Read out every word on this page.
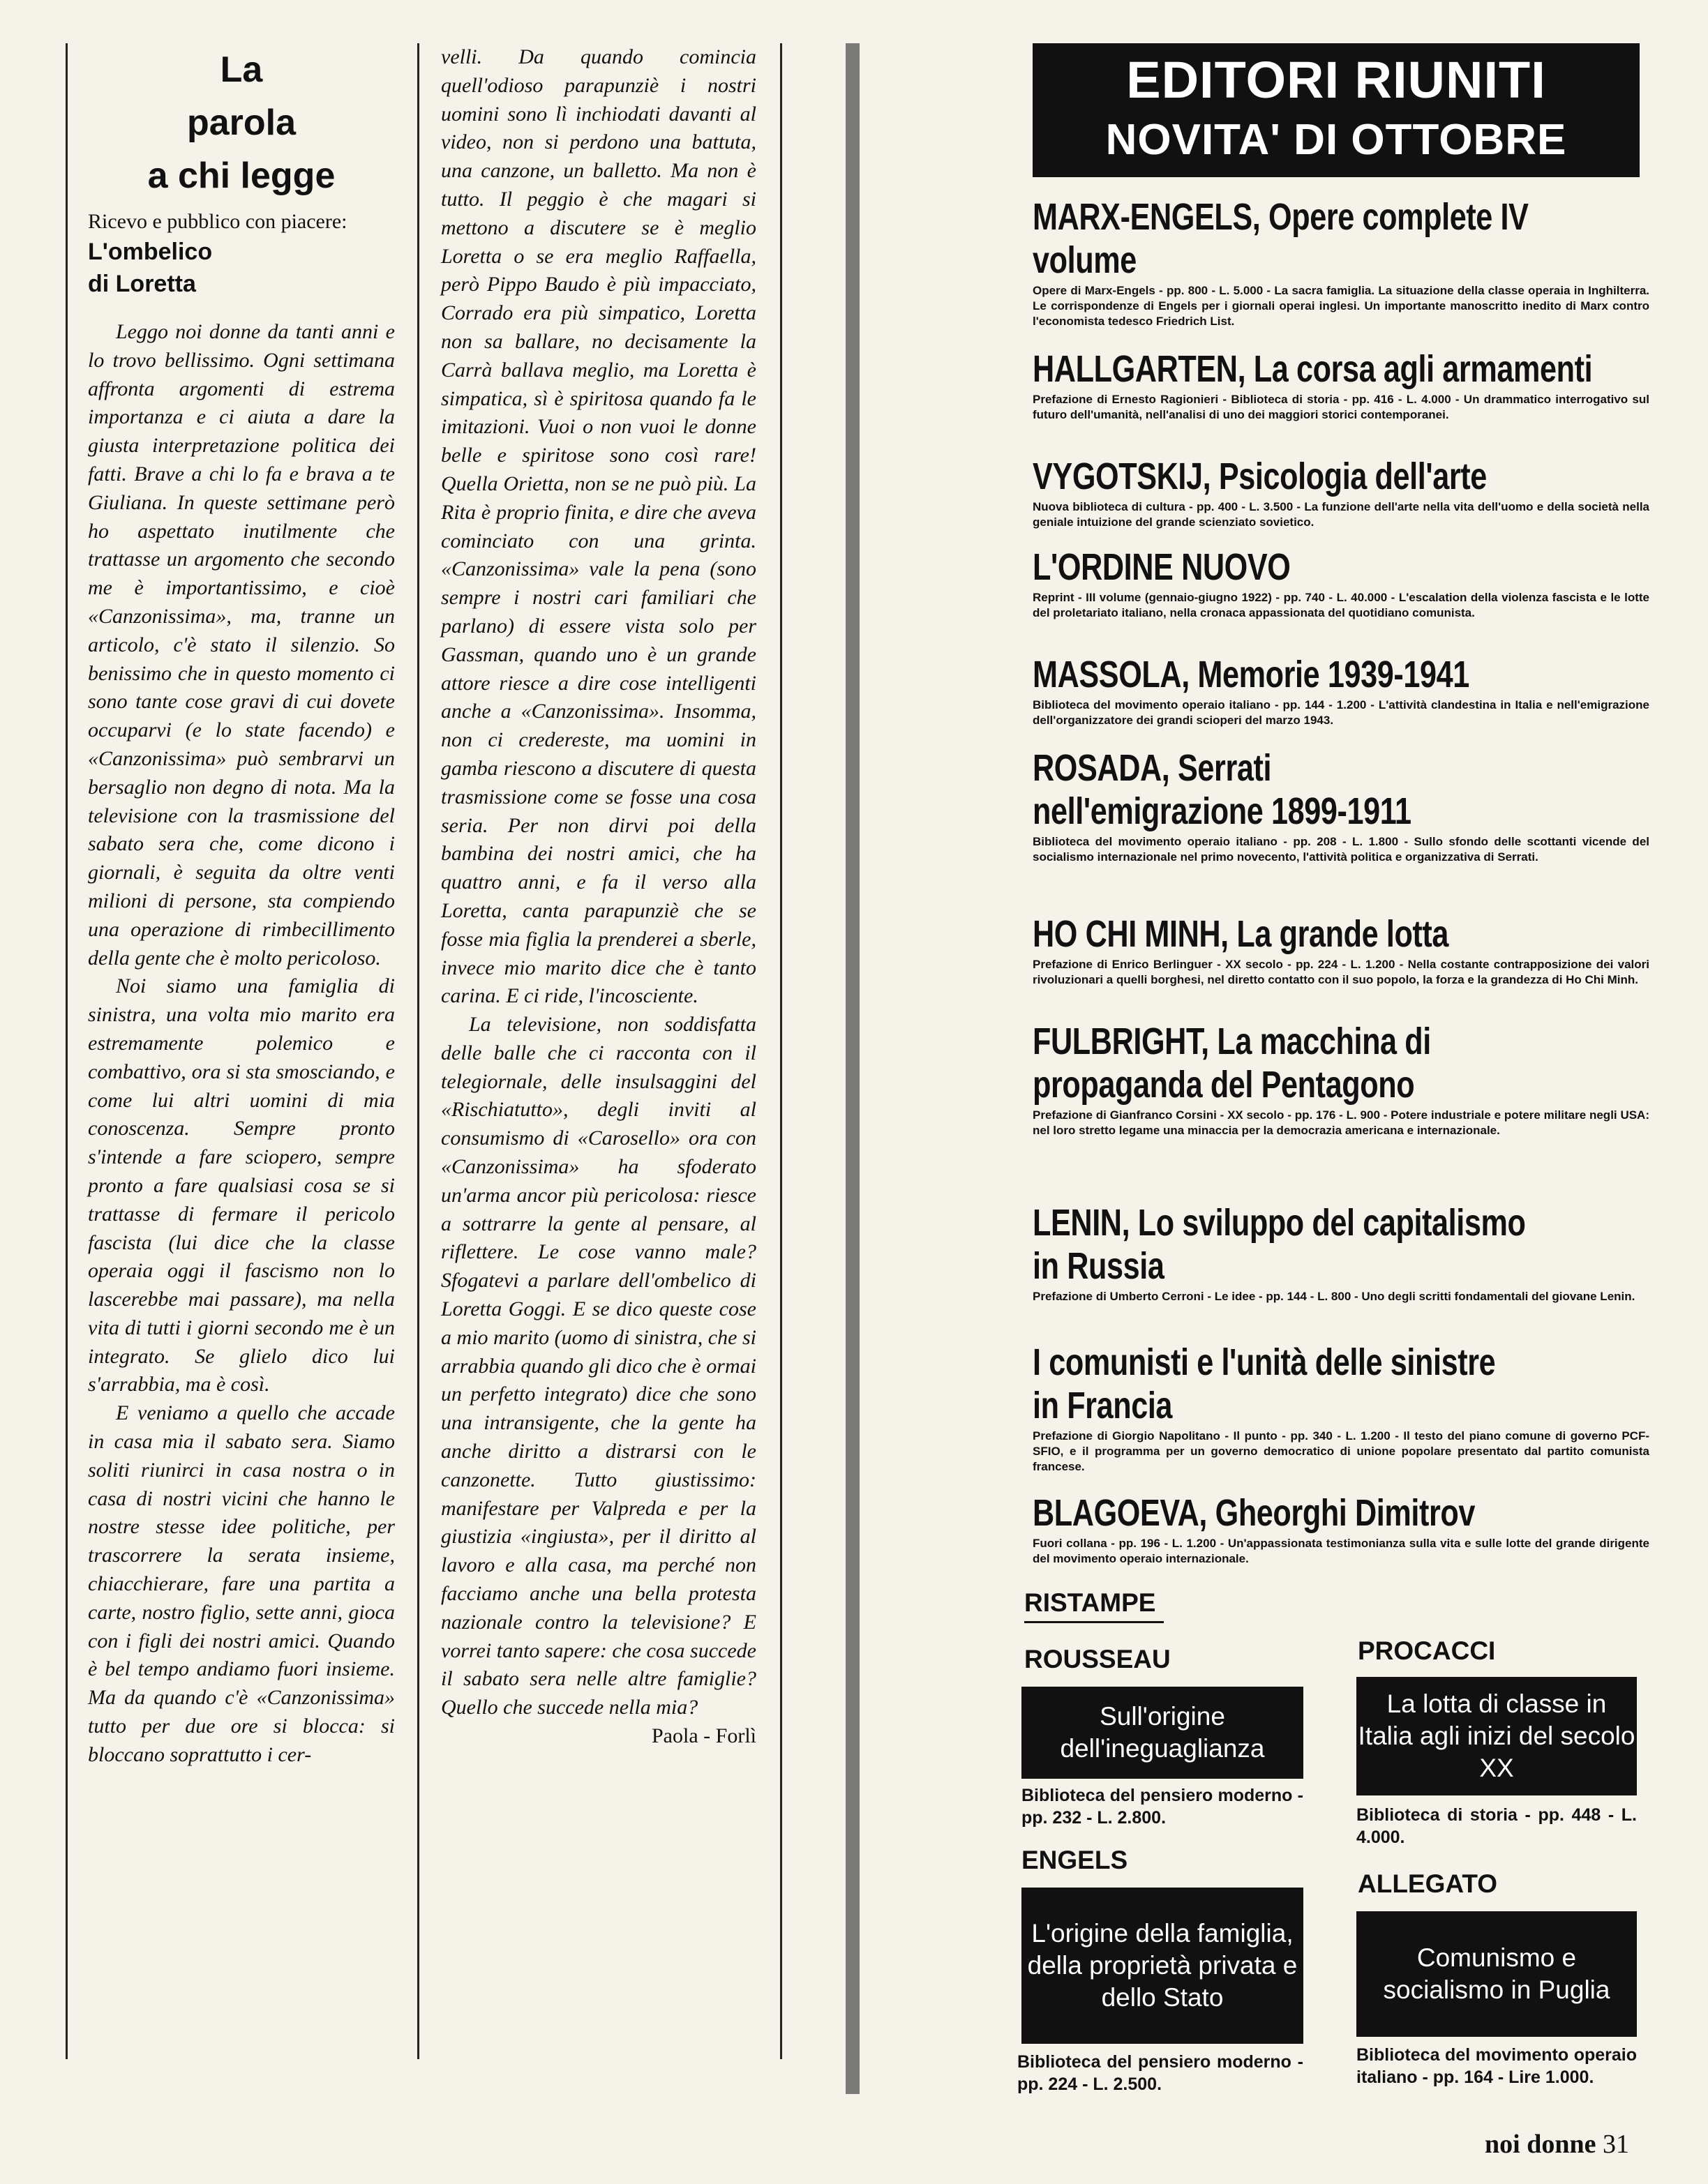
La
parola
a chi legge

Ricevo e pubblico con piacere:

L'ombelico
di Loretta

Leggo noi donne da tanti anni e lo trovo bellissimo. Ogni settimana affronta argomenti di estrema importanza e ci aiuta a dare la giusta interpretazione politica dei fatti. Brave a chi lo fa e brava a te Giuliana. In queste settimane però ho aspettato inutilmente che trattasse un argomento che secondo me è importantissimo, e cioè «Canzonissima», ma, tranne un articolo, c'è stato il silenzio. So benissimo che in questo momento ci sono tante cose gravi di cui dovete occuparvi (e lo state facendo) e «Canzonissima» può sembrarvi un bersaglio non degno di nota. Ma la televisione con la trasmissione del sabato sera che, come dicono i giornali, è seguita da oltre venti milioni di persone, sta compiendo una operazione di rimbecillimento della gente che è molto pericoloso.

Noi siamo una famiglia di sinistra, una volta mio marito era estremamente polemico e combattivo, ora si sta smosciando, e come lui altri uomini di mia conoscenza. Sempre pronto s'intende a fare sciopero, sempre pronto a fare qualsiasi cosa se si trattasse di fermare il pericolo fascista (lui dice che la classe operaia oggi il fascismo non lo lascerebbe mai passare), ma nella vita di tutti i giorni secondo me è un integrato. Se glielo dico lui s'arrabbia, ma è così.

E veniamo a quello che accade in casa mia il sabato sera. Siamo soliti riunirci in casa nostra o in casa di nostri vicini che hanno le nostre stesse idee politiche, per trascorrere la serata insieme, chiacchierare, fare una partita a carte, nostro figlio, sette anni, gioca con i figli dei nostri amici. Quando è bel tempo andiamo fuori insieme. Ma da quando c'è «Canzonissima» tutto per due ore si blocca: si bloccano soprattutto i cer-

velli. Da quando comincia quell'odioso parapunziè i nostri uomini sono lì inchiodati davanti al video, non si perdono una battuta, una canzone, un balletto. Ma non è tutto. Il peggio è che magari si mettono a discutere se è meglio Loretta o se era meglio Raffaella, però Pippo Baudo è più impacciato, Corrado era più simpatico, Loretta non sa ballare, no decisamente la Carrà ballava meglio, ma Loretta è simpatica, sì è spiritosa quando fa le imitazioni. Vuoi o non vuoi le donne belle e spiritose sono così rare! Quella Orietta, non se ne può più. La Rita è proprio finita, e dire che aveva cominciato con una grinta. «Canzonissima» vale la pena (sono sempre i nostri cari familiari che parlano) di essere vista solo per Gassman, quando uno è un grande attore riesce a dire cose intelligenti anche a «Canzonissima». Insomma, non ci credereste, ma uomini in gamba riescono a discutere di questa trasmissione come se fosse una cosa seria. Per non dirvi poi della bambina dei nostri amici, che ha quattro anni, e fa il verso alla Loretta, canta parapunziè che se fosse mia figlia la prenderei a sberle, invece mio marito dice che è tanto carina. E ci ride, l'incosciente.

La televisione, non soddisfatta delle balle che ci racconta con il telegiornale, delle insulsaggini del «Rischiatutto», degli inviti al consumismo di «Carosello» ora con «Canzonissima» ha sfoderato un'arma ancor più pericolosa: riesce a sottrarre la gente al pensare, al riflettere. Le cose vanno male? Sfogatevi a parlare dell'ombelico di Loretta Goggi. E se dico queste cose a mio marito (uomo di sinistra, che si arrabbia quando gli dico che è ormai un perfetto integrato) dice che sono una intransigente, che la gente ha anche diritto a distrarsi con le canzonette. Tutto giustissimo: manifestare per Valpreda e per la giustizia «ingiusta», per il diritto al lavoro e alla casa, ma perché non facciamo anche una bella protesta nazionale contro la televisione? E vorrei tanto sapere: che cosa succede il sabato sera nelle altre famiglie? Quello che succede nella mia?

Paola - Forlì

EDITORI RIUNITI
NOVITA' DI OTTOBRE
MARX-ENGELS, Opere complete IV volume
Opere di Marx-Engels - pp. 800 - L. 5.000 - La sacra famiglia. La situazione della classe operaia in Inghilterra. Le corrispondenze di Engels per i giornali operai inglesi. Un importante manoscritto inedito di Marx contro l'economista tedesco Friedrich List.
HALLGARTEN, La corsa agli armamenti
Prefazione di Ernesto Ragionieri - Biblioteca di storia - pp. 416 - L. 4.000 - Un drammatico interrogativo sul futuro dell'umanità, nell'analisi di uno dei maggiori storici contemporanei.
VYGOTSKIJ, Psicologia dell'arte
Nuova biblioteca di cultura - pp. 400 - L. 3.500 - La funzione dell'arte nella vita dell'uomo e della società nella geniale intuizione del grande scienziato sovietico.
L'ORDINE NUOVO
Reprint - III volume (gennaio-giugno 1922) - pp. 740 - L. 40.000 - L'escalation della violenza fascista e le lotte del proletariato italiano, nella cronaca appassionata del quotidiano comunista.
MASSOLA, Memorie 1939-1941
Biblioteca del movimento operaio italiano - pp. 144 - 1.200 - L'attività clandestina in Italia e nell'emigrazione dell'organizzatore dei grandi scioperi del marzo 1943.
ROSADA, Serrati nell'emigrazione 1899-1911
Biblioteca del movimento operaio italiano - pp. 208 - L. 1.800 - Sullo sfondo delle scottanti vicende del socialismo internazionale nel primo novecento, l'attività politica e organizzativa di Serrati.
HO CHI MINH, La grande lotta
Prefazione di Enrico Berlinguer - XX secolo - pp. 224 - L. 1.200 - Nella costante contrapposizione dei valori rivoluzionari a quelli borghesi, nel diretto contatto con il suo popolo, la forza e la grandezza di Ho Chi Minh.
FULBRIGHT, La macchina di propaganda del Pentagono
Prefazione di Gianfranco Corsini - XX secolo - pp. 176 - L. 900 - Potere industriale e potere militare negli USA: nel loro stretto legame una minaccia per la democrazia americana e internazionale.
LENIN, Lo sviluppo del capitalismo in Russia
Prefazione di Umberto Cerroni - Le idee - pp. 144 - L. 800 - Uno degli scritti fondamentali del giovane Lenin.
I comunisti e l'unità delle sinistre in Francia
Prefazione di Giorgio Napolitano - Il punto - pp. 340 - L. 1.200 - Il testo del piano comune di governo PCF-SFIO, e il programma per un governo democratico di unione popolare presentato dal partito comunista francese.
BLAGOEVA, Gheorghi Dimitrov
Fuori collana - pp. 196 - L. 1.200 - Un'appassionata testimonianza sulla vita e sulle lotte del grande dirigente del movimento operaio internazionale.
RISTAMPE
ROUSSEAU
Sull'origine dell'ineguaglianza
Biblioteca del pensiero moderno - pp. 232 - L. 2.800.
PROCACCI
La lotta di classe in Italia agli inizi del secolo XX
Biblioteca di storia - pp. 448 - L. 4.000.
ENGELS
L'origine della famiglia, della proprietà privata e dello Stato
Biblioteca del pensiero moderno - pp. 224 - L. 2.500.
ALLEGATO
Comunismo e socialismo in Puglia
Biblioteca del movimento operaio italiano - pp. 164 - Lire 1.000.
noi donne 31
